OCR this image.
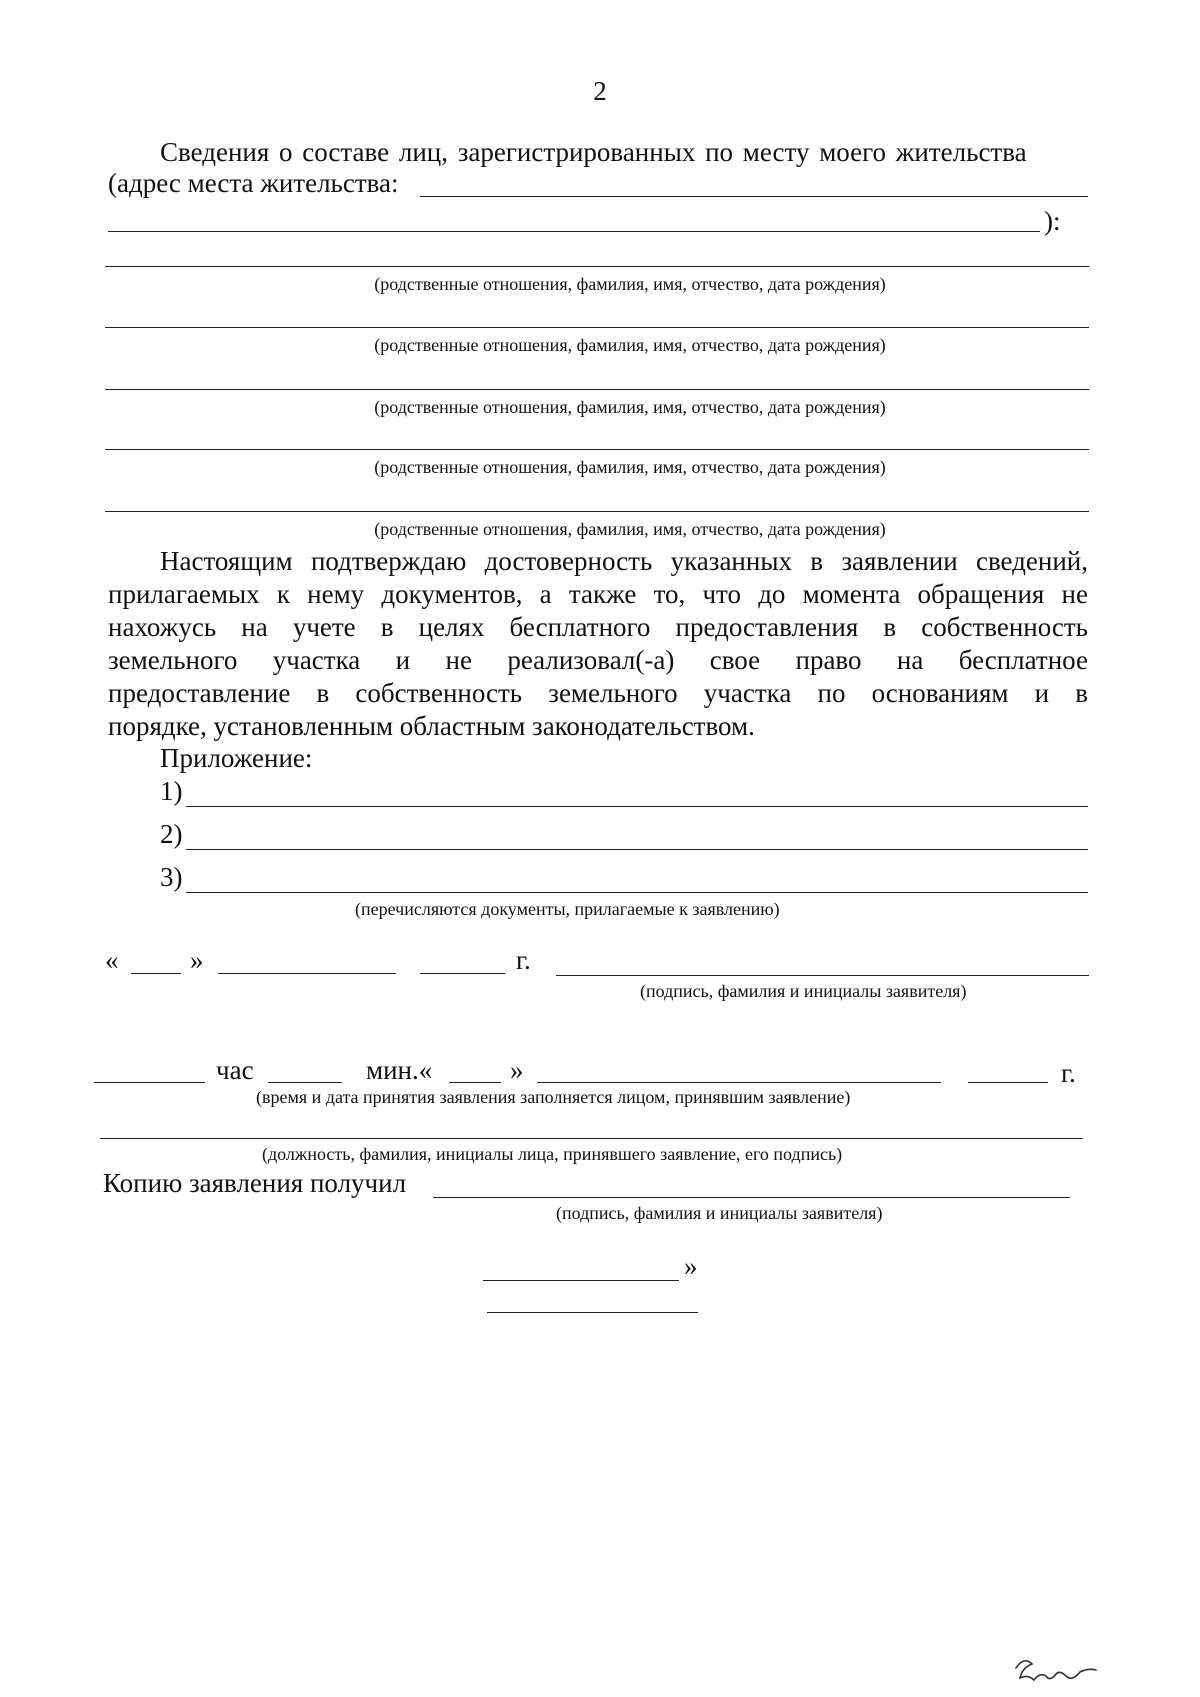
2
Сведения о составе лиц, зарегистрированных по месту моего жительства
(адрес места жительства:
):
(родственные отношения, фамилия, имя, отчество, дата рождения)
(родственные отношения, фамилия, имя, отчество, дата рождения)
(родственные отношения, фамилия, имя, отчество, дата рождения)
(родственные отношения, фамилия, имя, отчество, дата рождения)
(родственные отношения, фамилия, имя, отчество, дата рождения)
Настоящим подтверждаю достоверность указанных в заявлении сведений,
прилагаемых к нему документов, а также то, что до момента обращения не
нахожусь на учете в целях бесплатного предоставления в собственность
земельного участка и не реализовал(-а) свое право на бесплатное
предоставление в собственность земельного участка по основаниям и в
порядке, установленным областным законодательством.
Приложение:
1)
2)
3)
(перечисляются документы, прилагаемые к заявлению)
«	»	г.
(подпись, фамилия и инициалы заявителя)
час	мин.«	»	г.
(время и дата принятия заявления заполняется лицом, принявшим заявление)
(должность, фамилия, инициалы лица, принявшего заявление, его подпись)
Копию заявления получил
(подпись, фамилия и инициалы заявителя)
»
